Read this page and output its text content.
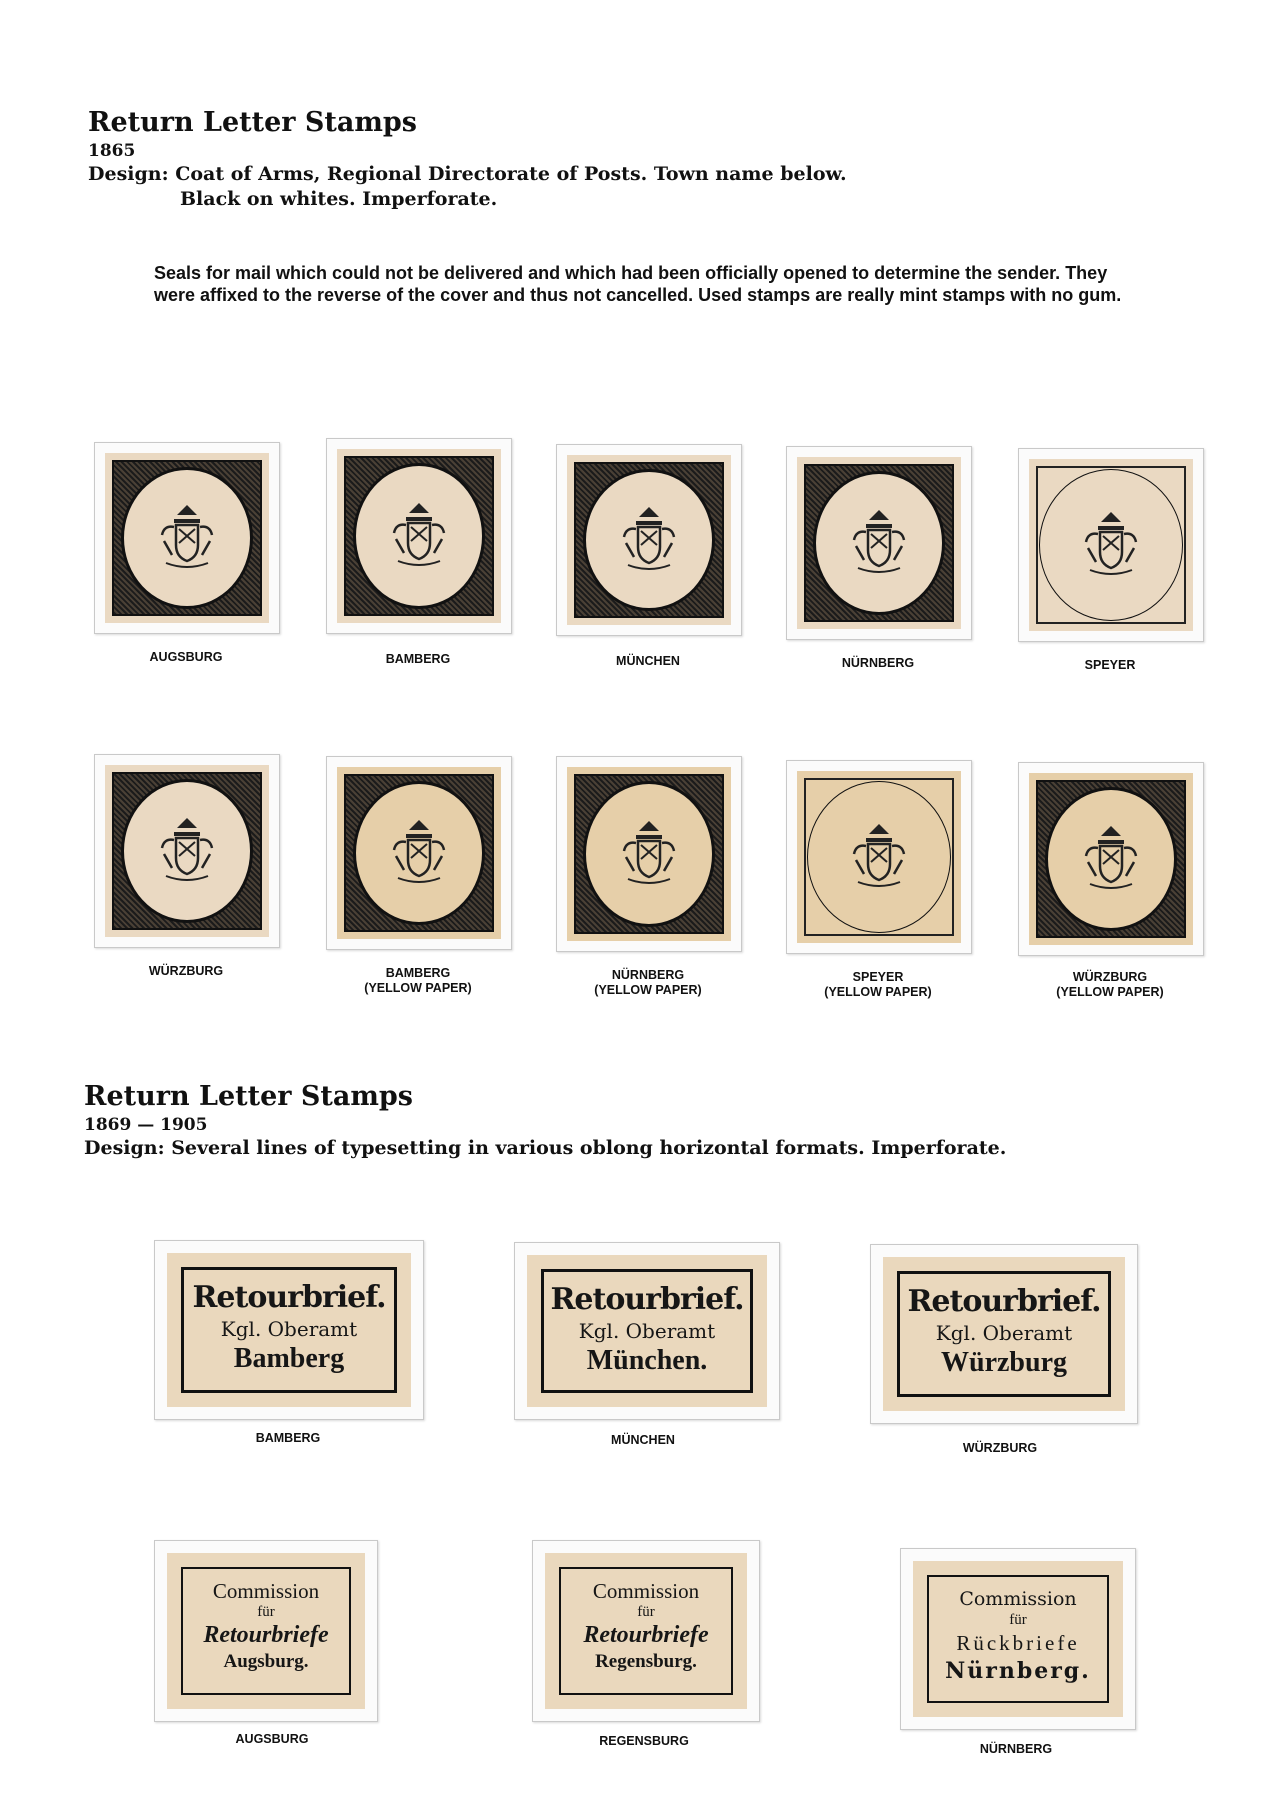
Return Letter Stamps
1865
Design: Coat of Arms, Regional Directorate of Posts. Town name below.
Black on whites. Imperforate.
Seals for mail which could not be delivered and which had been officially opened to determine the sender. They were affixed to the reverse of the cover and thus not cancelled. Used stamps are really mint stamps with no gum.
AUGSBURG	BAMBERG	MÜNCHEN	NÜRNBERG	SPEYER
WÜRZBURG	BAMBERG
(YELLOW PAPER)
NÜRNBERG
(YELLOW PAPER)
SPEYER
(YELLOW PAPER)
WÜRZBURG
(YELLOW PAPER)
Return Letter Stamps
1869 — 1905
Design: Several lines of typesetting in various oblong horizontal formats. Imperforate.
Retourbrief.
Kgl. Oberamt
Bamberg
BAMBERG
Retourbrief.
Kgl. Oberamt
München.
MÜNCHEN
Retourbrief.
Kgl. Oberamt
Würzburg
WÜRZBURG
Commission
für
Retourbriefe
Augsburg.
AUGSBURG
Commission
für
Retourbriefe
Regensburg.
REGENSBURG
Commission
für
Rückbriefe
Nürnberg.
NÜRNBERG
